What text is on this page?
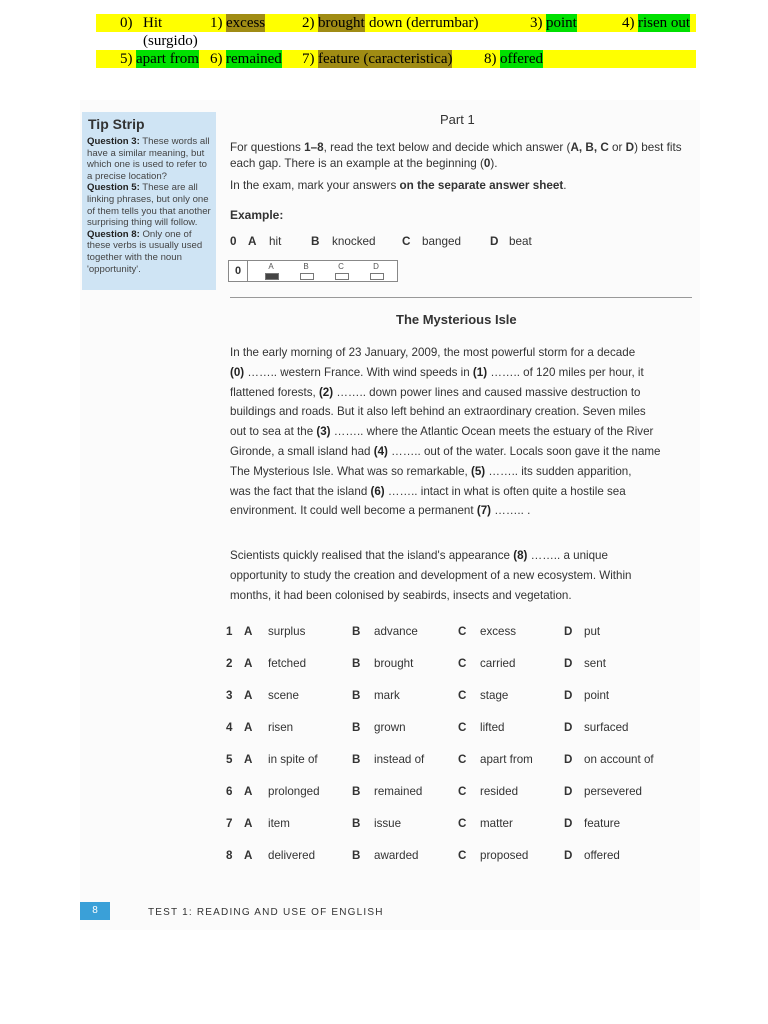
0) Hit	1) excess 2) brought down (derrumbar)	3) point	4) risen out
(surgido)
5) apart from 6) remained 7) feature (caracteristica) 8) offered
Tip Strip
Question 3: These words all have a similar meaning, but which one is used to refer to a precise location?
Question 5: These are all linking phrases, but only one of them tells you that another surprising thing will follow.
Question 8: Only one of these verbs is usually used together with the noun 'opportunity'.
Part 1
For questions 1–8, read the text below and decide which answer (A, B, C or D) best fits each gap. There is an example at the beginning (0).
In the exam, mark your answers on the separate answer sheet.
Example:
0 A hit	B knocked C banged D beat
0	A	B	C	D
The Mysterious Isle
In the early morning of 23 January, 2009, the most powerful storm for a decade
(0) …….. western France. With wind speeds in (1) …….. of 120 miles per hour, it
flattened forests, (2) …….. down power lines and caused massive destruction to
buildings and roads. But it also left behind an extraordinary creation. Seven miles
out to sea at the (3) …….. where the Atlantic Ocean meets the estuary of the River
Gironde, a small island had (4) …….. out of the water. Locals soon gave it the name
The Mysterious Isle. What was so remarkable, (5) …….. its sudden apparition,
was the fact that the island (6) …….. intact in what is often quite a hostile sea
environment. It could well become a permanent (7) …….. .
Scientists quickly realised that the island's appearance (8) …….. a unique
opportunity to study the creation and development of a new ecosystem. Within
months, it had been colonised by seabirds, insects and vegetation.
1 A surplus	B advance	C excess	D put
2 A fetched	B brought	C carried	D sent
3 A scene	B mark	C stage	D point
4 A risen	B grown	C lifted	D surfaced
5 A in spite of	B instead of	C apart from	D on account of
6 A prolonged	B remained	C resided	D persevered
7 A item	B issue	C matter	D feature
8 A delivered	B awarded	C proposed	D offered
8	TEST 1: READING AND USE OF ENGLISH
